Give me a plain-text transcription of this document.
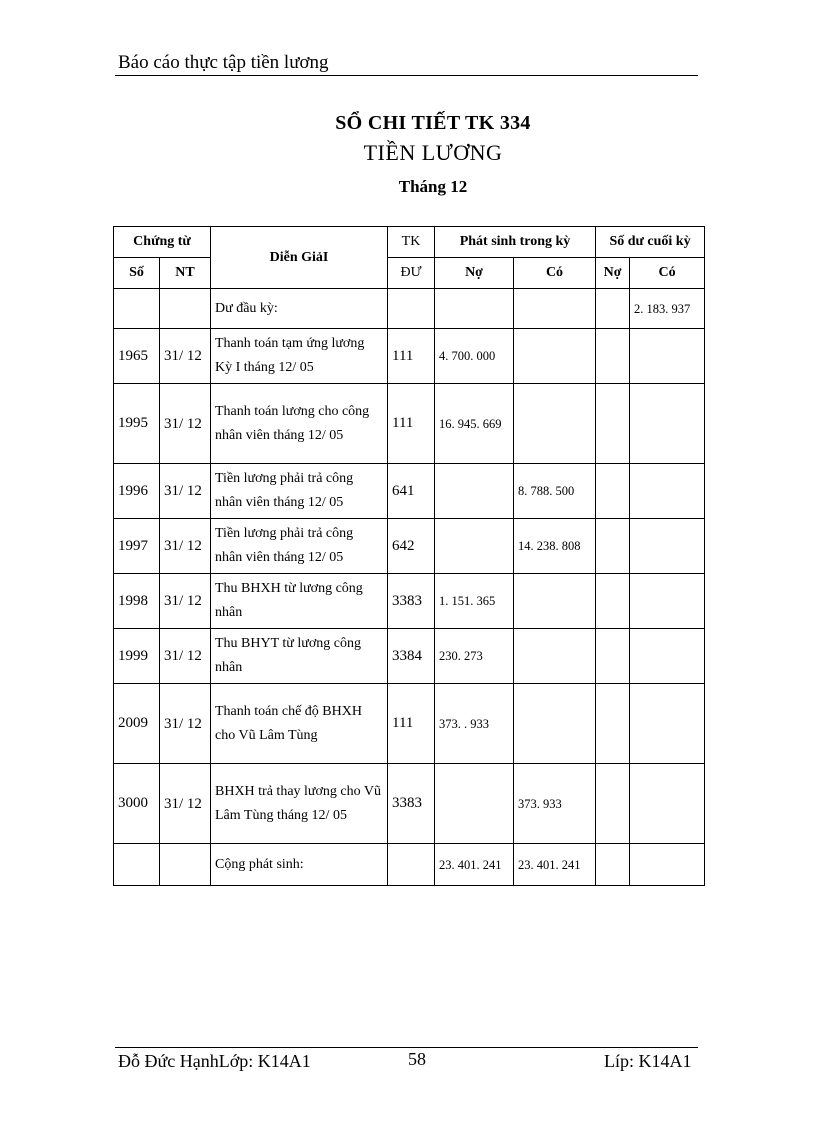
Báo cáo thực tập tiền lương
SỔ CHI TIẾT TK 334
TIỀN LƯƠNG
Tháng 12
Chứng từ		Diễn GiảI	TK	Phát sinh trong kỳ		Số dư cuối kỳ	
Số	NT		ĐƯ	Nợ	Có	Nợ	Có
		Dư đầu kỳ:					2. 183. 937
1965	31/ 12	Thanh toán tạm ứng lương Kỳ I tháng 12/ 05	111	4. 700. 000			
1995	31/ 12	Thanh toán lương cho công nhân viên tháng 12/ 05	111	16. 945. 669			
1996	31/ 12	Tiền lương phải trả công nhân viên tháng 12/ 05	641		8. 788. 500		
1997	31/ 12	Tiền lương phải trả công nhân viên tháng 12/ 05	642		14. 238. 808		
1998	31/ 12	Thu BHXH từ lương công nhân	3383	1. 151. 365			
1999	31/ 12	Thu BHYT từ lương công nhân	3384	230. 273			
2009	31/ 12	Thanh toán chế độ BHXH cho Vũ Lâm Tùng	111	373. . 933			
3000	31/ 12	BHXH trả thay lương cho Vũ Lâm Tùng tháng 12/ 05	3383		373. 933		
		Cộng phát sinh:		23. 401. 241	23. 401. 241		
Đỗ Đức HạnhLớp: K14A1	58	Líp: K14A1
